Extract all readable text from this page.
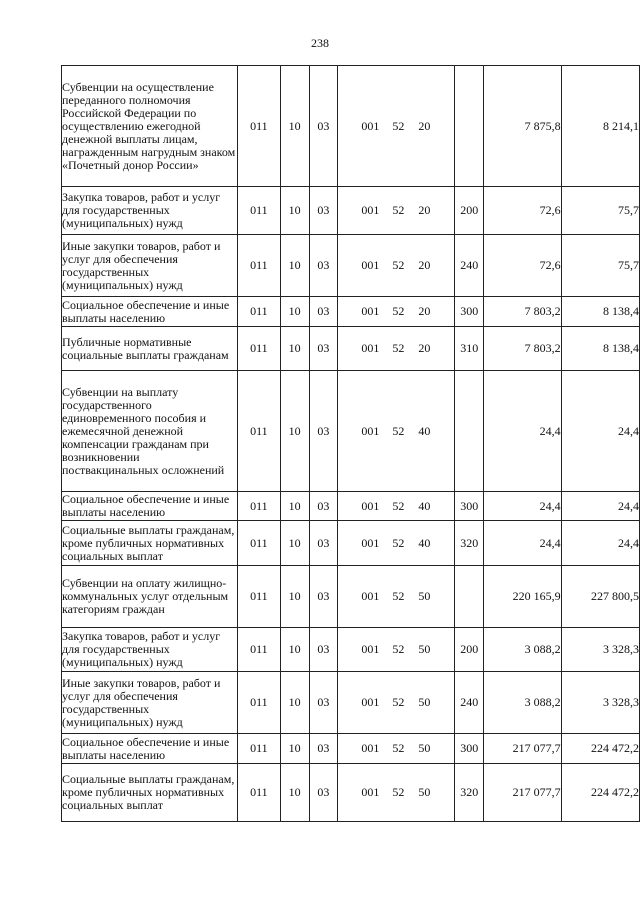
238
Субвенции на осуществление переданного полномочия Российской Федерации по осуществлению ежегодной денежной выплаты лицам, награжденным нагрудным знаком «Почетный донор России»	011	10	03	001 52 20		7 875,8	8 214,1
Закупка товаров, работ и услуг для государственных (муниципальных) нужд	011	10	03	001 52 20	200	72,6	75,7
Иные закупки товаров, работ и услуг для обеспечения государственных (муниципальных) нужд	011	10	03	001 52 20	240	72,6	75,7
Социальное обеспечение и иные выплаты населению	011	10	03	001 52 20	300	7 803,2	8 138,4
Публичные нормативные социальные выплаты гражданам	011	10	03	001 52 20	310	7 803,2	8 138,4
Субвенции на выплату государственного единовременного пособия и ежемесячной денежной компенсации гражданам при возникновении поствакцинальных осложнений	011	10	03	001 52 40		24,4	24,4
Социальное обеспечение и иные выплаты населению	011	10	03	001 52 40	300	24,4	24,4
Социальные выплаты гражданам, кроме публичных нормативных социальных выплат	011	10	03	001 52 40	320	24,4	24,4
Субвенции на оплату жилищно-коммунальных услуг отдельным категориям граждан	011	10	03	001 52 50		220 165,9	227 800,5
Закупка товаров, работ и услуг для государственных (муниципальных) нужд	011	10	03	001 52 50	200	3 088,2	3 328,3
Иные закупки товаров, работ и услуг для обеспечения государственных (муниципальных) нужд	011	10	03	001 52 50	240	3 088,2	3 328,3
Социальное обеспечение и иные выплаты населению	011	10	03	001 52 50	300	217 077,7	224 472,2
Социальные выплаты гражданам, кроме публичных нормативных социальных выплат	011	10	03	001 52 50	320	217 077,7	224 472,2
